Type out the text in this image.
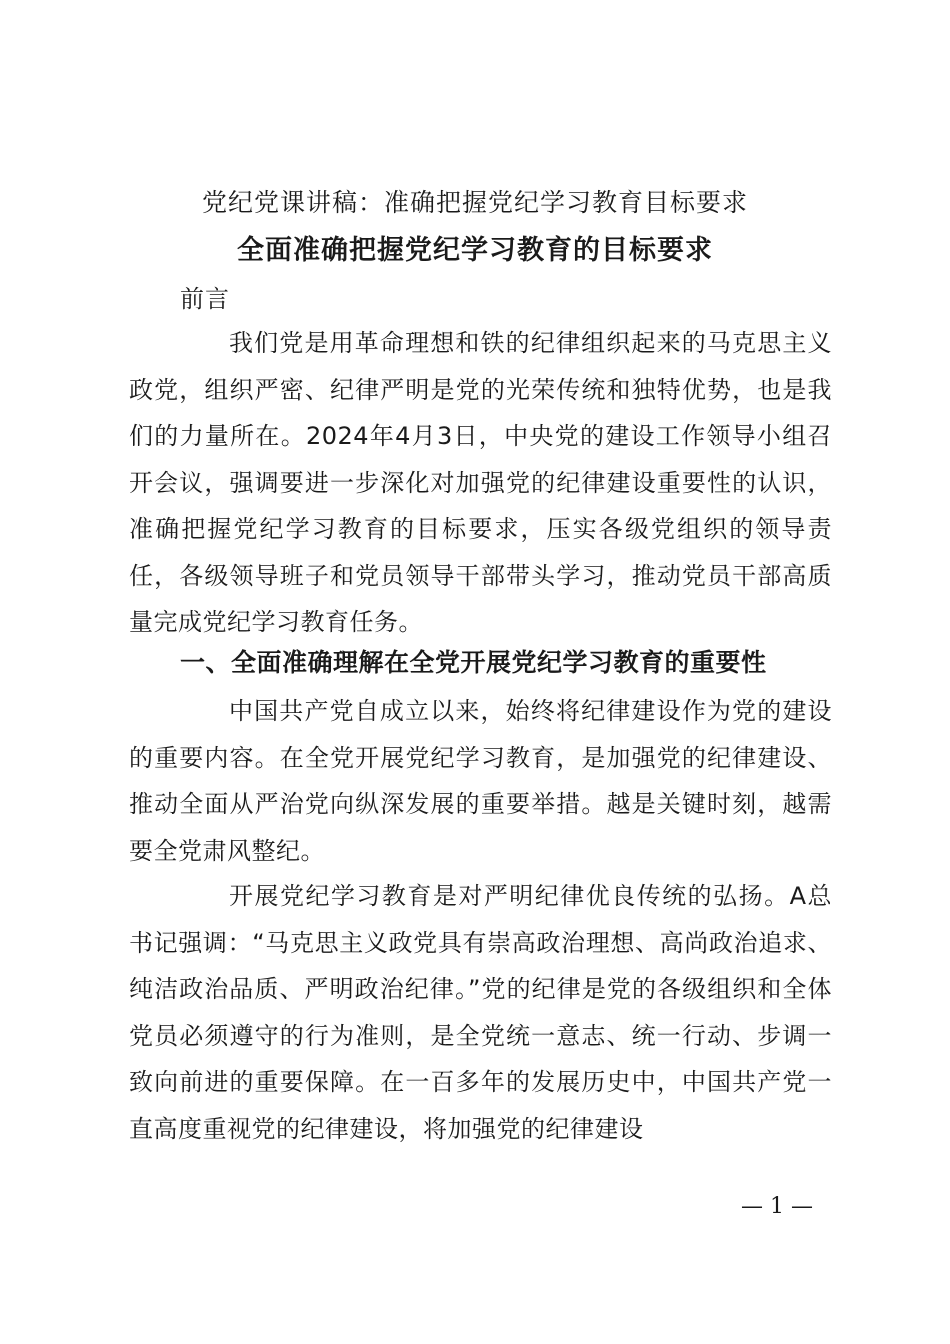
党纪党课讲稿：准确把握党纪学习教育目标要求
全面准确把握党纪学习教育的目标要求
前言

我们党是用革命理想和铁的纪律组织起来的马克思主义政党，组织严密、纪律严明是党的光荣传统和独特优势，也是我们的力量所在。2024年4月3日，中央党的建设工作领导小组召开会议，强调要进一步深化对加强党的纪律建设重要性的认识，准确把握党纪学习教育的目标要求，压实各级党组织的领导责任，各级领导班子和党员领导干部带头学习，推动党员干部高质量完成党纪学习教育任务。

一、全面准确理解在全党开展党纪学习教育的重要性

中国共产党自成立以来，始终将纪律建设作为党的建设的重要内容。在全党开展党纪学习教育，是加强党的纪律建设、推动全面从严治党向纵深发展的重要举措。越是关键时刻，越需要全党肃风整纪。

开展党纪学习教育是对严明纪律优良传统的弘扬。A总书记强调：“马克思主义政党具有崇高政治理想、高尚政治追求、纯洁政治品质、严明政治纪律。”党的纪律是党的各级组织和全体党员必须遵守的行为准则，是全党统一意志、统一行动、步调一致向前进的重要保障。在一百多年的发展历史中，中国共产党一直高度重视党的纪律建设，将加强党的纪律建设

— 1 —
